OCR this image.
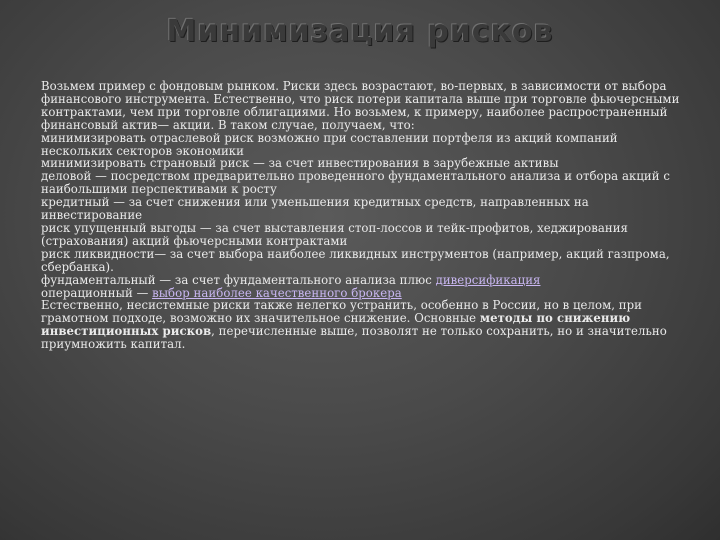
Минимизация рисков

Возьмем пример с фондовым рынком. Риски здесь возрастают, во-первых, в зависимости от выбора финансового инструмента. Естественно, что риск потери капитала выше при торговле фьючерсными контрактами, чем при торговле облигациями. Но возьмем, к примеру, наиболее распространенный финансовый актив— акции. В таком случае, получаем, что:

минимизировать отраслевой риск возможно при составлении портфеля из акций компаний нескольких секторов экономики

минимизировать страновый риск — за счет инвестирования в зарубежные активы

деловой — посредством предварительно проведенного фундаментального анализа и отбора акций с наибольшими перспективами к росту

кредитный — за счет снижения или уменьшения кредитных средств, направленных на инвестирование

риск упущенный выгоды — за счет выставления стоп-лоссов и тейк-профитов, хеджирования (страхования) акций фьючерсными контрактами

риск ликвидности— за счет выбора наиболее ликвидных инструментов (например, акций газпрома, сбербанка).

фундаментальный — за счет фундаментального анализа плюс диверсификация

операционный — выбор наиболее качественного брокера

Естественно, несистемные риски также нелегко устранить, особенно в России, но в целом, при грамотном подходе, возможно их значительное снижение. Основные методы по снижению инвестиционных рисков, перечисленные выше, позволят не только сохранить, но и значительно приумножить капитал.
